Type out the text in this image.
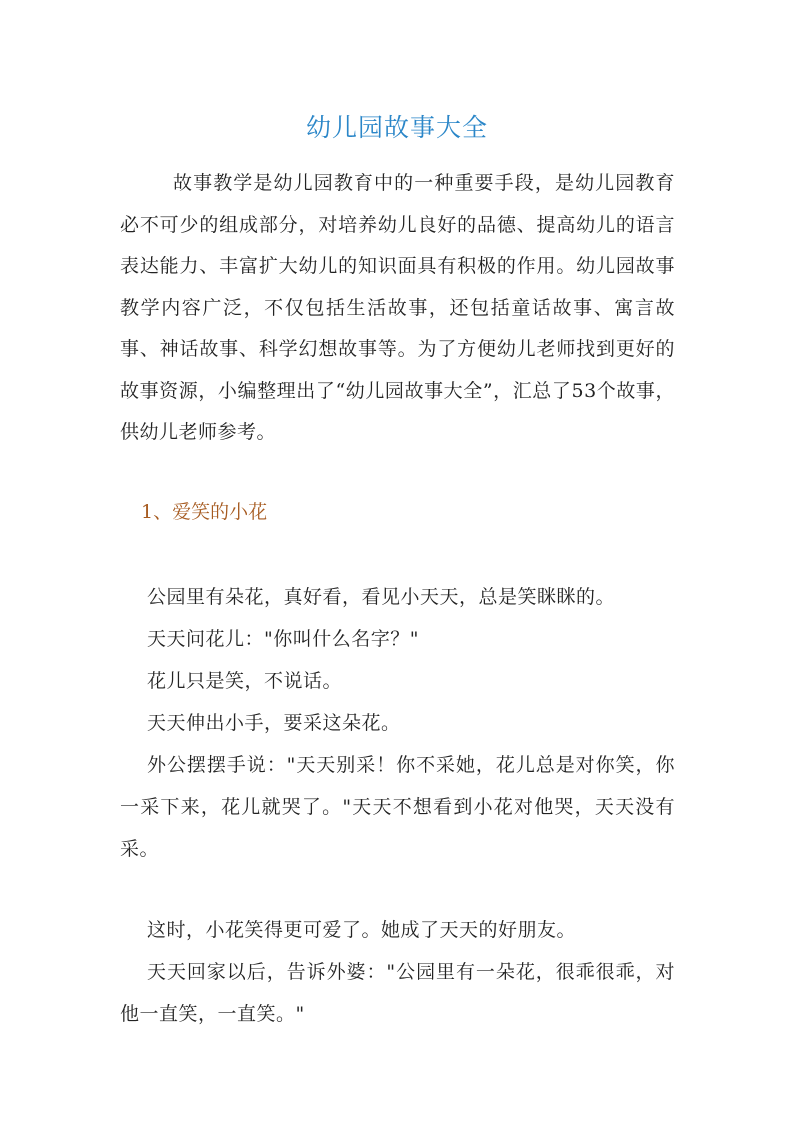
幼儿园故事大全
故事教学是幼儿园教育中的一种重要手段，是幼儿园教育必不可少的组成部分，对培养幼儿良好的品德、提高幼儿的语言表达能力、丰富扩大幼儿的知识面具有积极的作用。幼儿园故事教学内容广泛，不仅包括生活故事，还包括童话故事、寓言故事、神话故事、科学幻想故事等。为了方便幼儿老师找到更好的故事资源，小编整理出了“幼儿园故事大全”，汇总了53个故事，供幼儿老师参考。
1、爱笑的小花

公园里有朵花，真好看，看见小天天，总是笑眯眯的。

天天问花儿："你叫什么名字？"

花儿只是笑，不说话。

天天伸出小手，要采这朵花。

外公摆摆手说："天天别采！你不采她，花儿总是对你笑，你一采下来，花儿就哭了。"天天不想看到小花对他哭，天天没有采。

这时，小花笑得更可爱了。她成了天天的好朋友。

天天回家以后，告诉外婆："公园里有一朵花，很乖很乖，对他一直笑，一直笑。"
